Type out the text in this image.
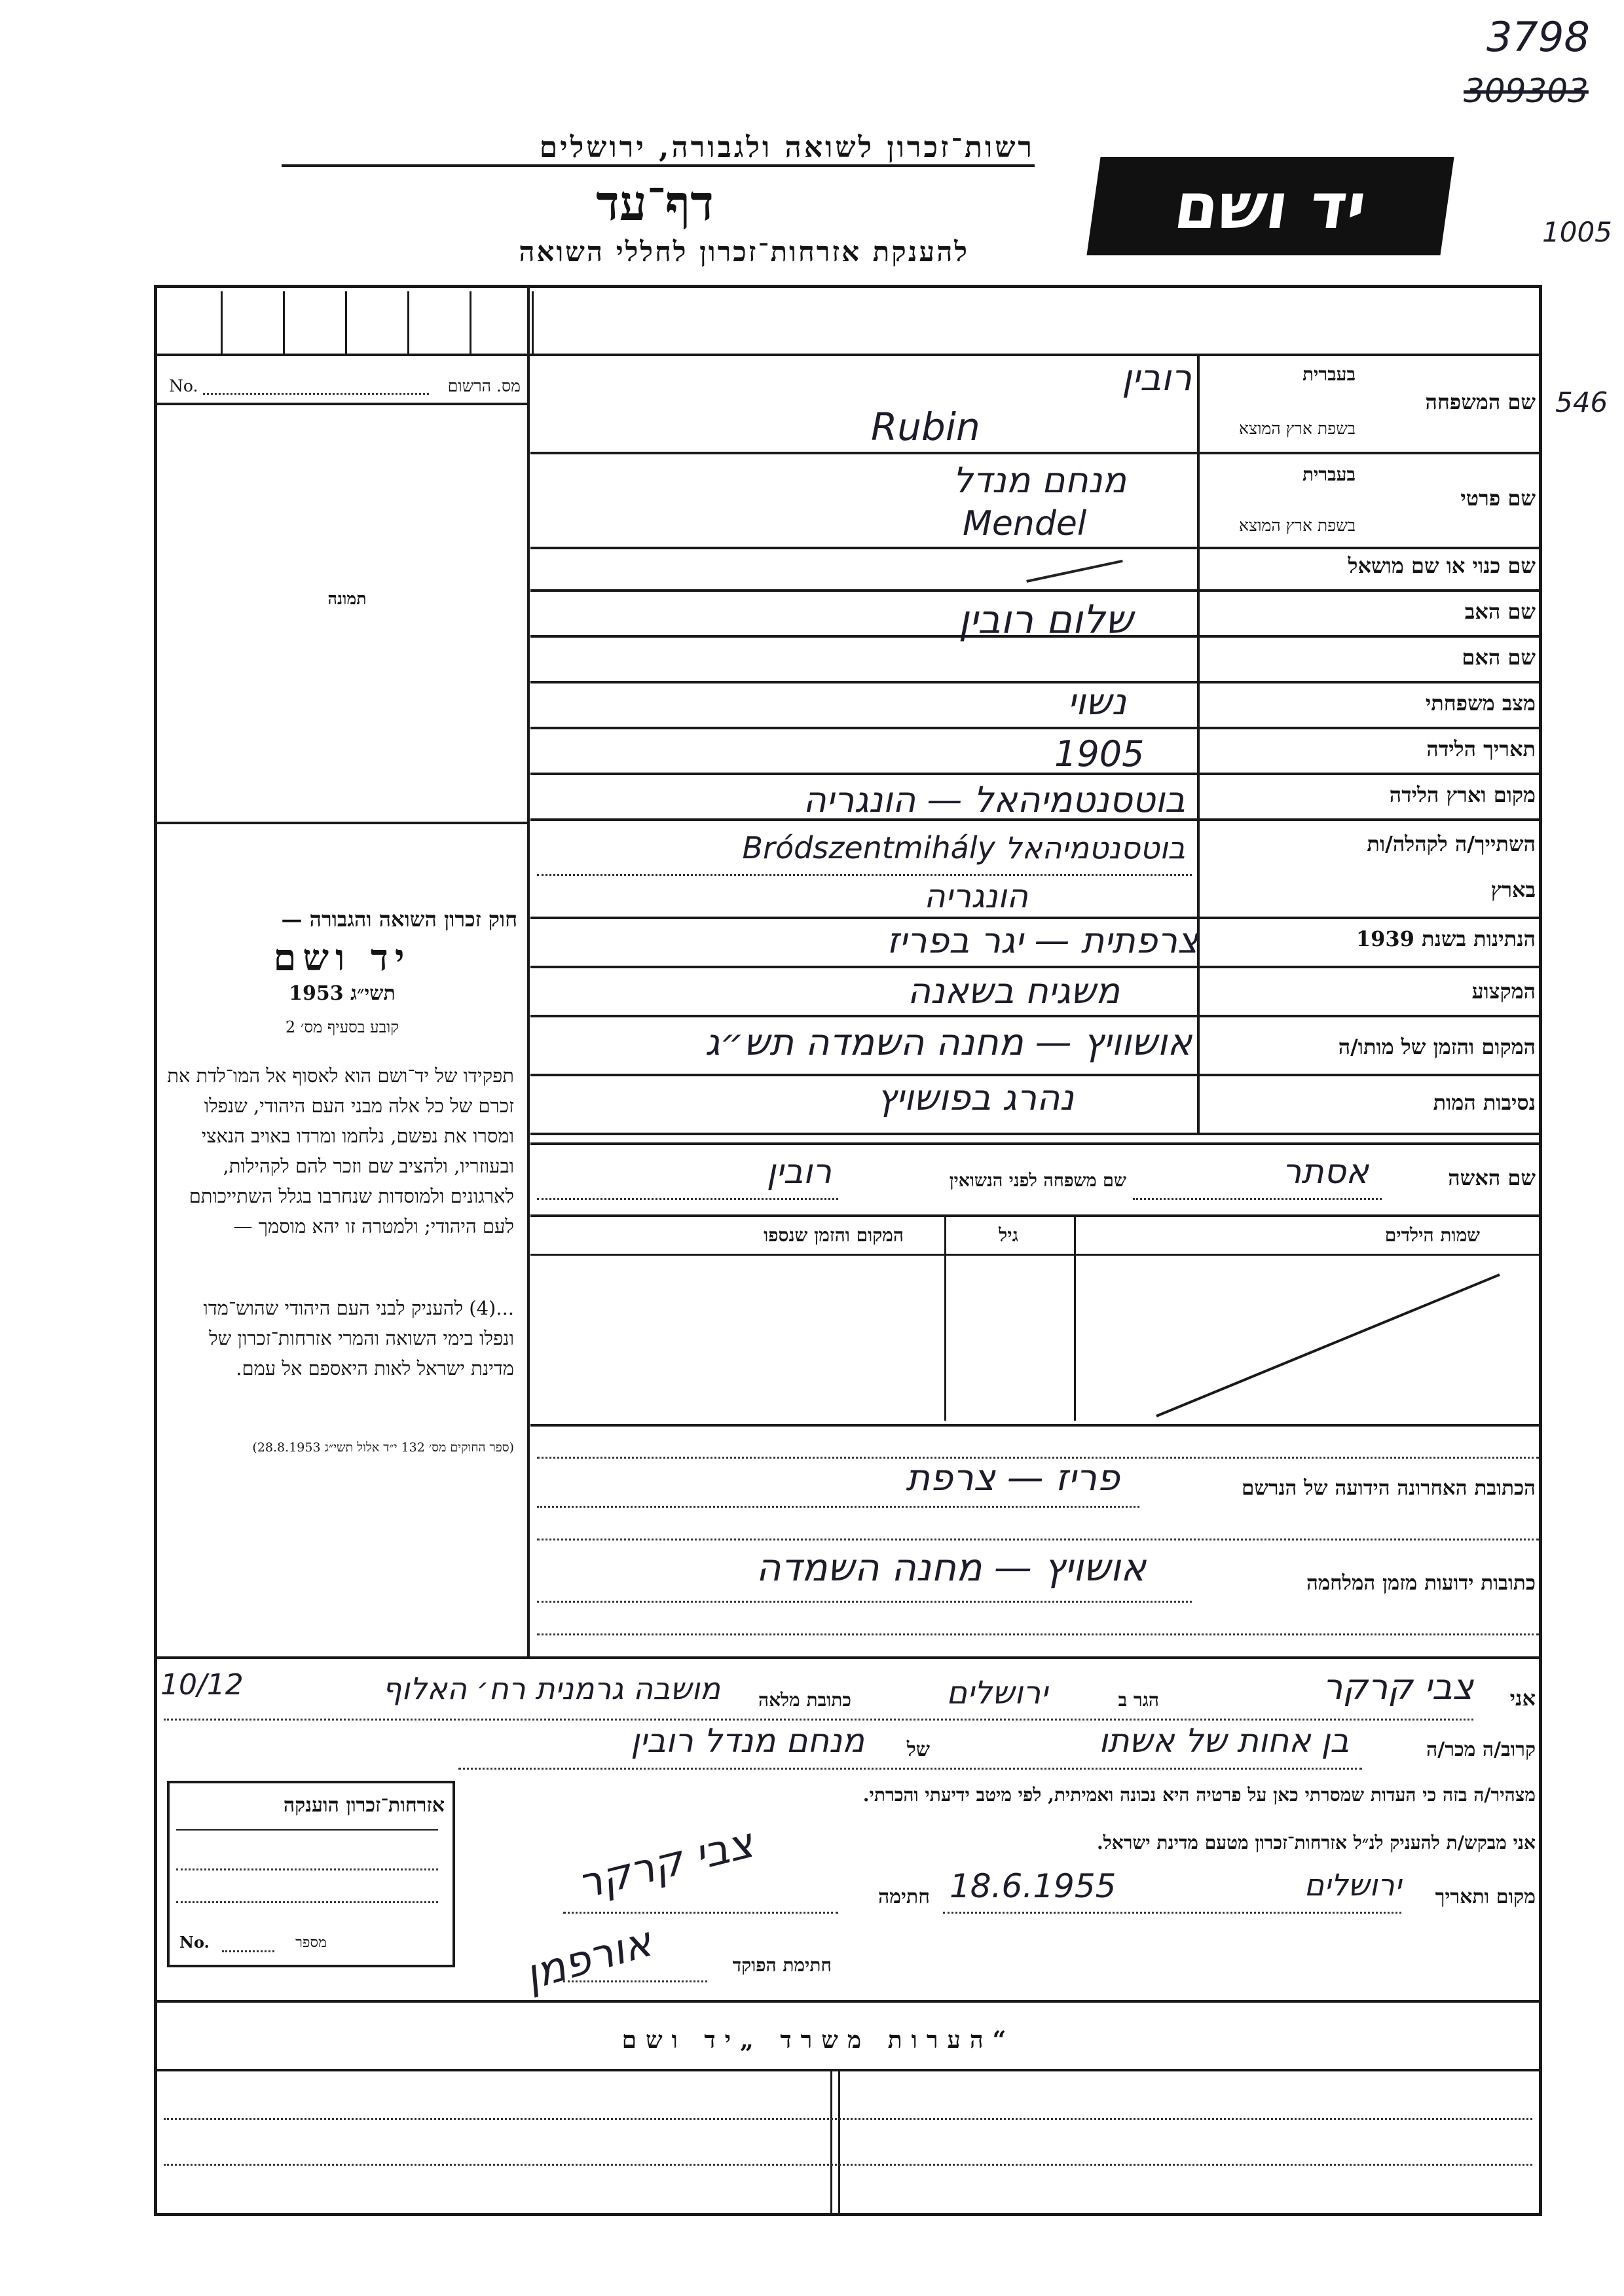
3798
309303
1005
546
רשות־זכרון לשואה ולגבורה, ירושלים
דף־עד
להענקת אזרחות־זכרון לחללי השואה
יד ושם
No.	מס. הרשום
תמונה
חוק זכרון השואה והגבורה —
יד ושם
תשי״ג 1953
קובע בסעיף מס׳ 2
תפקידו של יד־ושם הוא לאסוף אל המו־לדת את זכרם של כל אלה מבני העם היהודי, שנפלו ומסרו את נפשם, נלחמו ומרדו באויב הנאצי ובעוזריו, ולהציב שם וזכר להם לקהילות, לארגונים ולמוסדות שנחרבו בגלל השתייכותם לעם היהודי; ולמטרה זו יהא מוסמך —
...(4) להעניק לבני העם היהודי שהוש־מדו ונפלו בימי השואה והמרי אזרחות־זכרון של מדינת ישראל לאות היאספם אל עמם.
(ספר החוקים מס׳ 132 י״ד אלול תשי״ג 28.8.1953)
בעברית
שם המשפחה
בשפת ארץ המוצא
רובין
Rubin
בעברית
שם פרטי
בשפת ארץ המוצא
מנחם מנדל
Mendel
שם כנוי או שם מושאל
שם האב
שלום רובין
שם האם
מצב משפחתי
נשוי
תאריך הלידה
1905
מקום וארץ הלידה
בוטסנטמיהאל — הונגריה
השתייך/ה לקהלה/ות
בוטסנטמיהאל Bródszentmihály
בארץ
הונגריה
הנתינות בשנת 1939
צרפתית — יגר בפריז
המקצוע
משגיח בשאנה
המקום והזמן של מותו/ה
אושוויץ — מחנה השמדה תש״ג
נסיבות המות
נהרג בפושויץ
שם האשה
אסתר
שם משפחה לפני הנשואין
רובין
שמות הילדים
גיל
המקום והזמן שנספו
הכתובת האחרונה הידועה של הנרשם
פריז — צרפת
כתובות ידועות מזמן המלחמה
אושויץ — מחנה השמדה
אני
צבי קרקר
הגר ב
ירושלים
כתובת מלאה
מושבה גרמנית רח׳ האלוף
10/12
קרוב/ה מכר/ה
בן אחות של אשתו
של
מנחם מנדל רובין
מצהיר/ה בזה כי העדות שמסרתי כאן על פרטיה היא נכונה ואמיתית, לפי מיטב ידיעתי והכרתי.
אני מבקש/ת להעניק לנ״ל אזרחות־זכרון מטעם מדינת ישראל.
מקום ותאריך
ירושלים
18.6.1955
חתימה
צבי קרקר
חתימת הפוקד
אורפמן
אזרחות־זכרון הוענקה
No.	מספר
הערות משרד „יד ושם“
